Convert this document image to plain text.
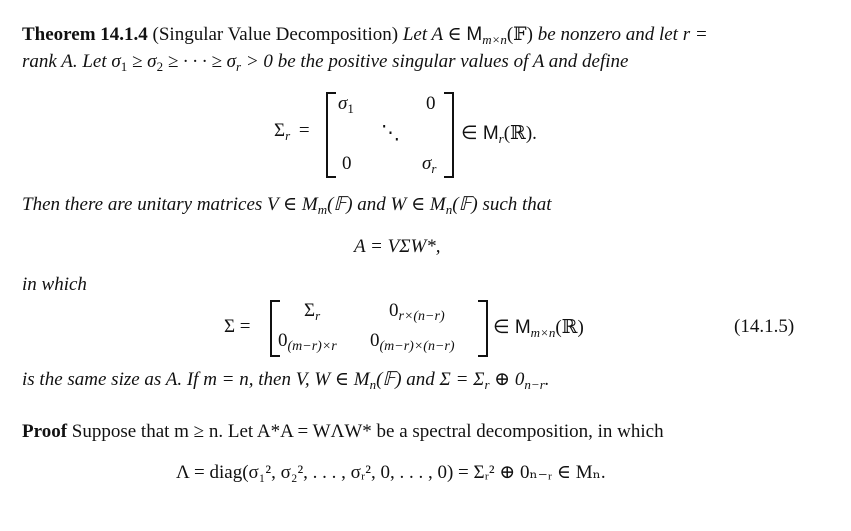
Theorem 14.1.4 (Singular Value Decomposition) Let A ∈ $M_{m\times n}(𝔽)$ be nonzero and let r =
rank A. Let $\sigma_1 \ge \sigma_2$ ≥ · · · ≥ $\sigma_r > 0$ be the positive singular values of A and define
$\Sigma_r$ =
$\sigma_1$	0
⋱
0	$\sigma_r$
∈ $M_r(ℝ)$.
Then there are unitary matrices V ∈ $M_m(𝔽)$ and W ∈ $M_n(𝔽)$ such that
A = VΣW*,
in which
Σ =
$\Sigma_r$	$0_{r\times(n-r)}$
$0_{(m-r)\times r}$ $0_{(m-r)\times(n-r)}$
∈ $M_{m\times n}(ℝ)$	(14.1.5)
is the same size as A. If m = n, then V, W ∈ $M_n(𝔽)$ and $\Sigma = \Sigma_r$ ⊕ $0_{n-r}$.
Proof Suppose that m ≥ n. Let A*A = WΛW* be a spectral decomposition, in which
Λ = diag(σ₁², σ₂², . . . , σᵣ², 0, . . . , 0) = Σᵣ² ⊕ 0ₙ₋ᵣ ∈ Mₙ.
